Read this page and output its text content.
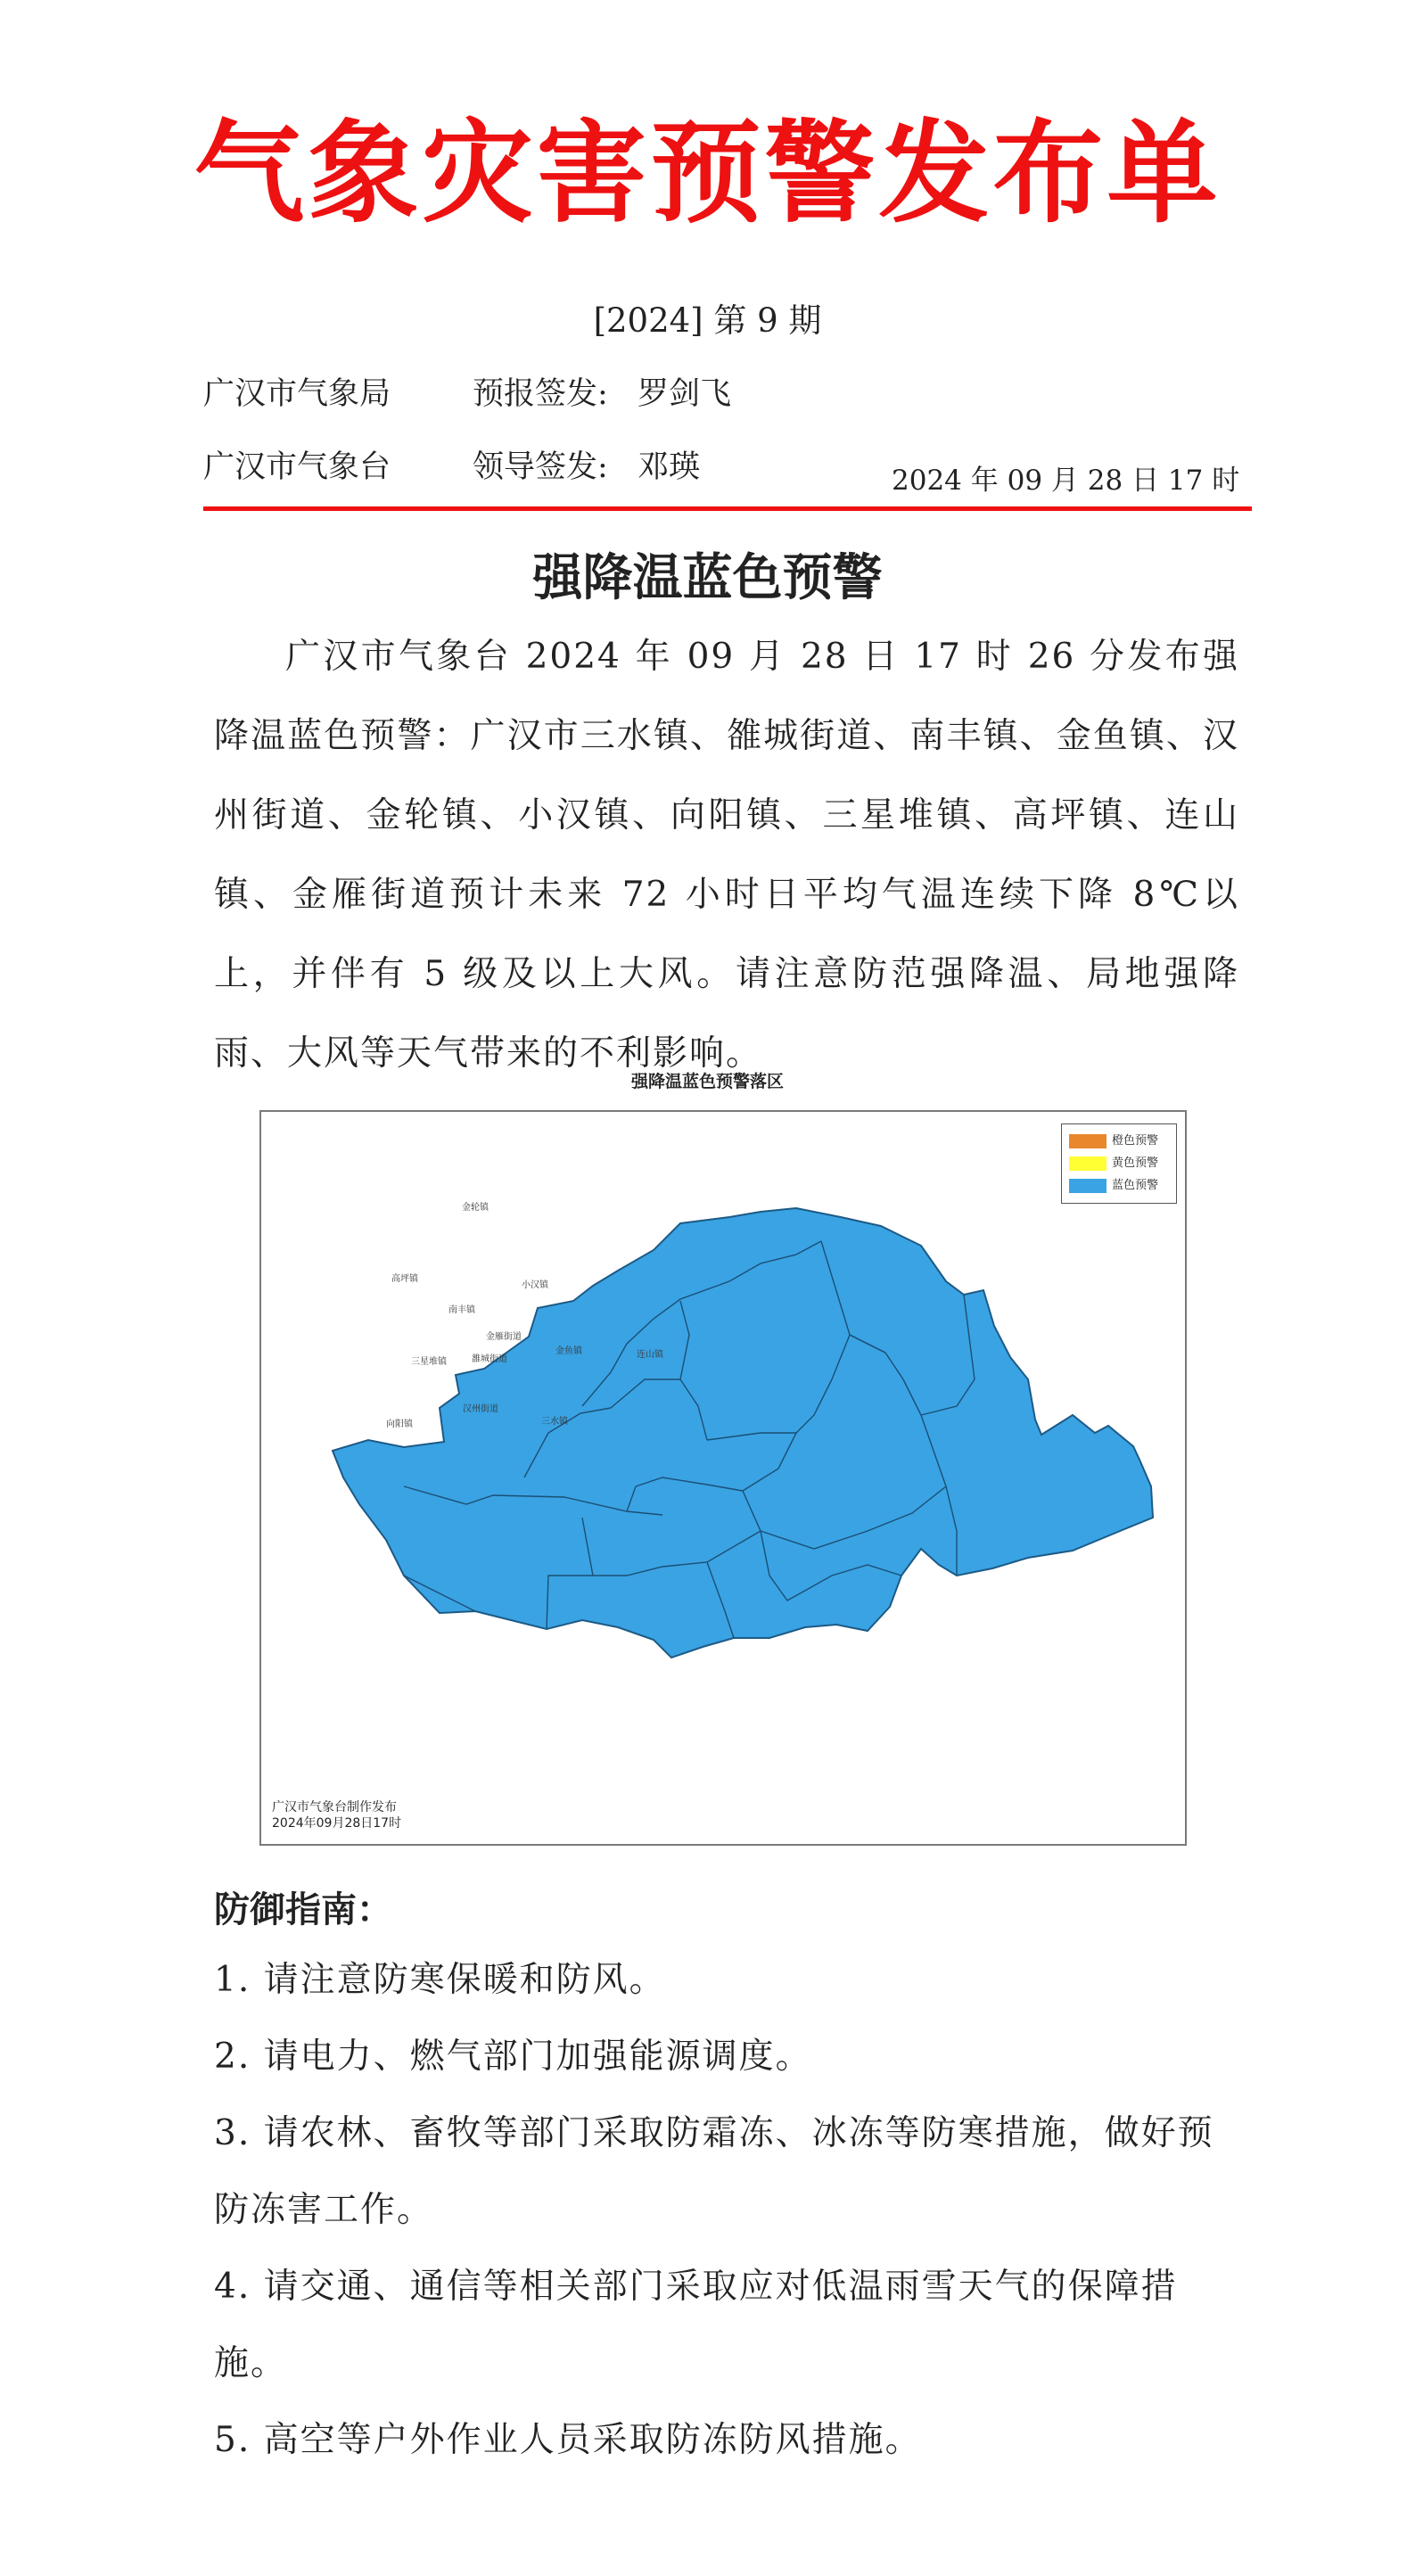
气象灾害预警发布单
[2024] 第 9 期
广汉市气象局	预报签发: 罗剑飞
广汉市气象台	领导签发: 邓瑛	2024 年 09 月 28 日 17 时
强降温蓝色预警
广汉市气象台 2024 年 09 月 28 日 17 时 26 分发布强降温蓝色预警：广汉市三水镇、雒城街道、南丰镇、金鱼镇、汉州街道、金轮镇、小汉镇、向阳镇、三星堆镇、高坪镇、连山镇、金雁街道预计未来 72 小时日平均气温连续下降 8℃以上，并伴有 5 级及以上大风。请注意防范强降温、局地强降雨、大风等天气带来的不利影响。
强降温蓝色预警落区
金轮镇
高坪镇
小汉镇
南丰镇
金雁街道
三星堆镇	雒城街道
金鱼镇	连山镇
汉州街道
向阳镇	三水镇
橙色预警
黄色预警
蓝色预警
广汉市气象台制作发布
2024年09月28日17时
防御指南：
1. 请注意防寒保暖和防风。
2. 请电力、燃气部门加强能源调度。
3. 请农林、畜牧等部门采取防霜冻、冰冻等防寒措施，做好预防冻害工作。
4. 请交通、通信等相关部门采取应对低温雨雪天气的保障措施。
5. 高空等户外作业人员采取防冻防风措施。
